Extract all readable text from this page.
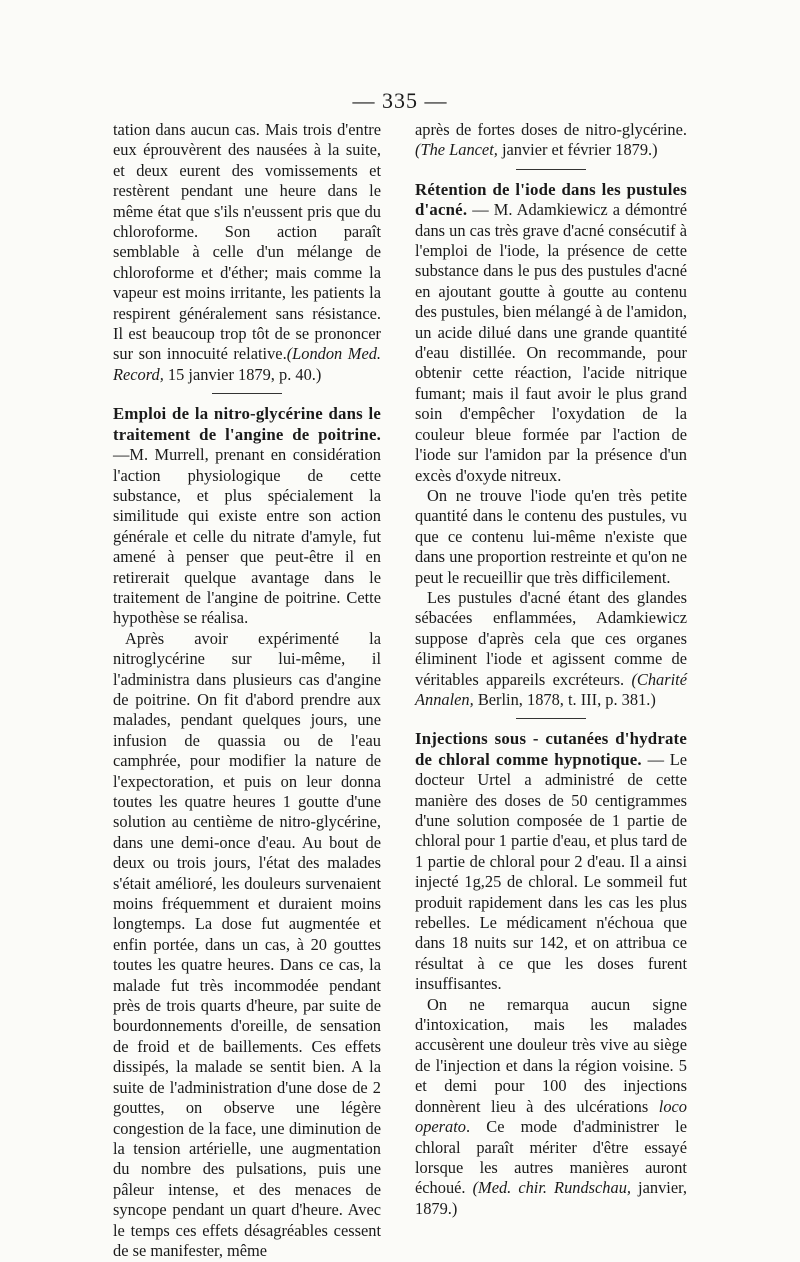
— 335 —

tation dans aucun cas. Mais trois d'entre eux éprouvèrent des nausées à la suite, et deux eurent des vomissements et restèrent pendant une heure dans le même état que s'ils n'eussent pris que du chloroforme. Son action paraît semblable à celle d'un mélange de chloroforme et d'éther; mais comme la vapeur est moins irritante, les patients la respirent généralement sans résistance. Il est beaucoup trop tôt de se prononcer sur son innocuité relative.(London Med. Record, 15 janvier 1879, p. 40.)

Emploi de la nitro-glycérine dans le traitement de l'angine de poitrine. —M. Murrell, prenant en considération l'action physiologique de cette substance, et plus spécialement la similitude qui existe entre son action générale et celle du nitrate d'amyle, fut amené à penser que peut-être il en retirerait quelque avantage dans le traitement de l'angine de poitrine. Cette hypothèse se réalisa.

Après avoir expérimenté la nitroglycérine sur lui-même, il l'administra dans plusieurs cas d'angine de poitrine. On fit d'abord prendre aux malades, pendant quelques jours, une infusion de quassia ou de l'eau camphrée, pour modifier la nature de l'expectoration, et puis on leur donna toutes les quatre heures 1 goutte d'une solution au centième de nitro-glycérine, dans une demi-once d'eau. Au bout de deux ou trois jours, l'état des malades s'était amélioré, les douleurs survenaient moins fréquemment et duraient moins longtemps. La dose fut augmentée et enfin portée, dans un cas, à 20 gouttes toutes les quatre heures. Dans ce cas, la malade fut très incommodée pendant près de trois quarts d'heure, par suite de bourdonnements d'oreille, de sensation de froid et de baillements. Ces effets dissipés, la malade se sentit bien. A la suite de l'administration d'une dose de 2 gouttes, on observe une légère congestion de la face, une diminution de la tension artérielle, une augmentation du nombre des pulsations, puis une pâleur intense, et des menaces de syncope pendant un quart d'heure. Avec le temps ces effets désagréables cessent de se manifester, même

après de fortes doses de nitro-glycérine. (The Lancet, janvier et février 1879.)

Rétention de l'iode dans les pustules d'acné. — M. Adamkiewicz a démontré dans un cas très grave d'acné consécutif à l'emploi de l'iode, la présence de cette substance dans le pus des pustules d'acné en ajoutant goutte à goutte au contenu des pustules, bien mélangé à de l'amidon, un acide dilué dans une grande quantité d'eau distillée. On recommande, pour obtenir cette réaction, l'acide nitrique fumant; mais il faut avoir le plus grand soin d'empêcher l'oxydation de la couleur bleue formée par l'action de l'iode sur l'amidon par la présence d'un excès d'oxyde nitreux.

On ne trouve l'iode qu'en très petite quantité dans le contenu des pustules, vu que ce contenu lui-même n'existe que dans une proportion restreinte et qu'on ne peut le recueillir que très difficilement.

Les pustules d'acné étant des glandes sébacées enflammées, Adamkiewicz suppose d'après cela que ces organes éliminent l'iode et agissent comme de véritables appareils excréteurs. (Charité Annalen, Berlin, 1878, t. III, p. 381.)

Injections sous - cutanées d'hydrate de chloral comme hypnotique. — Le docteur Urtel a administré de cette manière des doses de 50 centigrammes d'une solution composée de 1 partie de chloral pour 1 partie d'eau, et plus tard de 1 partie de chloral pour 2 d'eau. Il a ainsi injecté 1g,25 de chloral. Le sommeil fut produit rapidement dans les cas les plus rebelles. Le médicament n'échoua que dans 18 nuits sur 142, et on attribua ce résultat à ce que les doses furent insuffisantes.

On ne remarqua aucun signe d'intoxication, mais les malades accusèrent une douleur très vive au siège de l'injection et dans la région voisine. 5 et demi pour 100 des injections donnèrent lieu à des ulcérations loco operato. Ce mode d'administrer le chloral paraît mériter d'être essayé lorsque les autres manières auront échoué. (Med. chir. Rundschau, janvier, 1879.)
